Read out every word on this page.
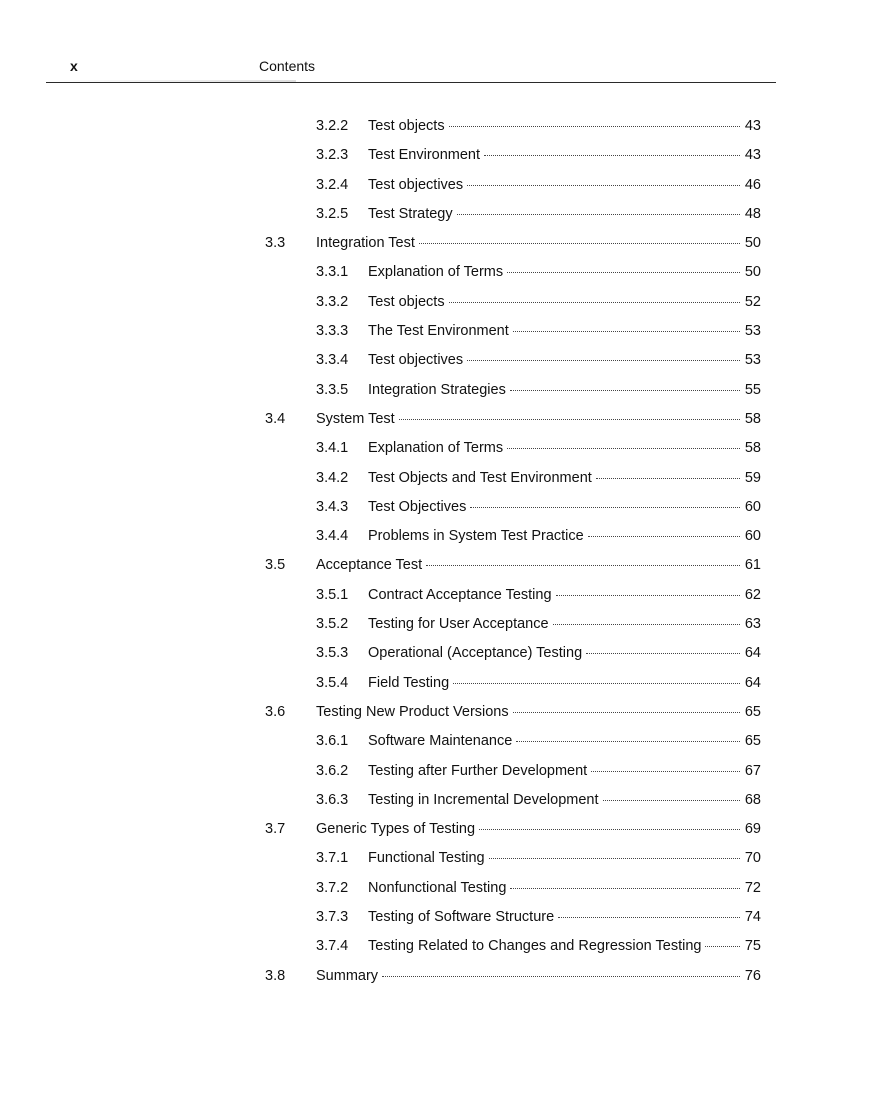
x	Contents
3.2.2 Test objects	43
3.2.3 Test Environment	43
3.2.4 Test objectives	46
3.2.5 Test Strategy	48
3.3 Integration Test	50
3.3.1 Explanation of Terms	50
3.3.2 Test objects	52
3.3.3 The Test Environment	53
3.3.4 Test objectives	53
3.3.5 Integration Strategies	55
3.4 System Test	58
3.4.1 Explanation of Terms	58
3.4.2 Test Objects and Test Environment	59
3.4.3 Test Objectives	60
3.4.4 Problems in System Test Practice	60
3.5 Acceptance Test	61
3.5.1 Contract Acceptance Testing	62
3.5.2 Testing for User Acceptance	63
3.5.3 Operational (Acceptance) Testing	64
3.5.4 Field Testing	64
3.6 Testing New Product Versions	65
3.6.1 Software Maintenance	65
3.6.2 Testing after Further Development	67
3.6.3 Testing in Incremental Development	68
3.7 Generic Types of Testing	69
3.7.1 Functional Testing	70
3.7.2 Nonfunctional Testing	72
3.7.3 Testing of Software Structure	74
3.7.4 Testing Related to Changes and Regression Testing	75
3.8 Summary	76
